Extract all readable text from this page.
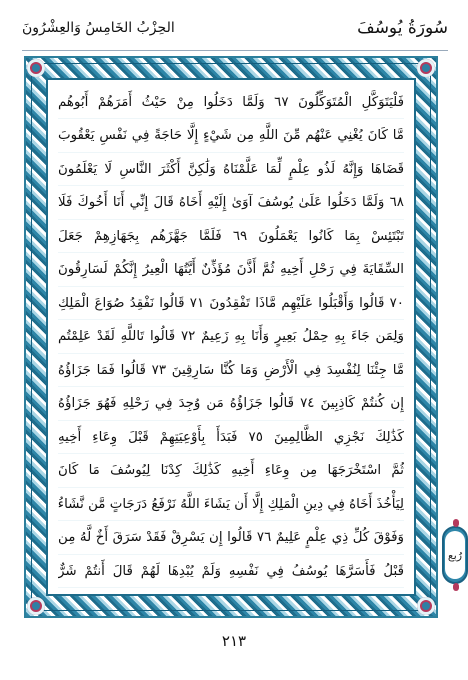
الحِزْبُ الخَامِسُ وَالعِشْرُونَ	سُورَةُ يُوسُفَ
فَلْيَتَوَكَّلِ الْمُتَوَكِّلُونَ ٦٧ وَلَمَّا دَخَلُوا مِنْ حَيْثُ أَمَرَهُمْ أَبُوهُم
مَّا كَانَ يُغْنِي عَنْهُم مِّنَ اللَّهِ مِن شَيْءٍ إِلَّا حَاجَةً فِي نَفْسِ يَعْقُوبَ
قَضَاهَا وَإِنَّهُ لَذُو عِلْمٍ لِّمَا عَلَّمْنَاهُ وَلَٰكِنَّ أَكْثَرَ النَّاسِ لَا يَعْلَمُونَ
٦٨ وَلَمَّا دَخَلُوا عَلَىٰ يُوسُفَ آوَىٰ إِلَيْهِ أَخَاهُ قَالَ إِنِّي أَنَا أَخُوكَ فَلَا
تَبْتَئِسْ بِمَا كَانُوا يَعْمَلُونَ ٦٩ فَلَمَّا جَهَّزَهُم بِجَهَازِهِمْ جَعَلَ
السِّقَايَةَ فِي رَحْلِ أَخِيهِ ثُمَّ أَذَّنَ مُؤَذِّنٌ أَيَّتُهَا الْعِيرُ إِنَّكُمْ لَسَارِقُونَ
٧٠ قَالُوا وَأَقْبَلُوا عَلَيْهِم مَّاذَا تَفْقِدُونَ ٧١ قَالُوا نَفْقِدُ صُوَاعَ الْمَلِكِ
وَلِمَن جَاءَ بِهِ حِمْلُ بَعِيرٍ وَأَنَا بِهِ زَعِيمٌ ٧٢ قَالُوا تَاللَّهِ لَقَدْ عَلِمْتُم
مَّا جِئْنَا لِنُفْسِدَ فِي الْأَرْضِ وَمَا كُنَّا سَارِقِينَ ٧٣ قَالُوا فَمَا جَزَاؤُهُ
إِن كُنتُمْ كَاذِبِينَ ٧٤ قَالُوا جَزَاؤُهُ مَن وُجِدَ فِي رَحْلِهِ فَهُوَ جَزَاؤُهُ
كَذَٰلِكَ نَجْزِي الظَّالِمِينَ ٧٥ فَبَدَأَ بِأَوْعِيَتِهِمْ قَبْلَ وِعَاءِ أَخِيهِ
ثُمَّ اسْتَخْرَجَهَا مِن وِعَاءِ أَخِيهِ كَذَٰلِكَ كِدْنَا لِيُوسُفَ مَا كَانَ
لِيَأْخُذَ أَخَاهُ فِي دِينِ الْمَلِكِ إِلَّا أَن يَشَاءَ اللَّهُ نَرْفَعُ دَرَجَاتٍ مَّن نَّشَاءُ
وَفَوْقَ كُلِّ ذِي عِلْمٍ عَلِيمٌ ٧٦ قَالُوا إِن يَسْرِقْ فَقَدْ سَرَقَ أَخٌ لَّهُ مِن
قَبْلُ فَأَسَرَّهَا يُوسُفُ فِي نَفْسِهِ وَلَمْ يُبْدِهَا لَهُمْ قَالَ أَنتُمْ شَرٌّ
رُبع
٢١٣
